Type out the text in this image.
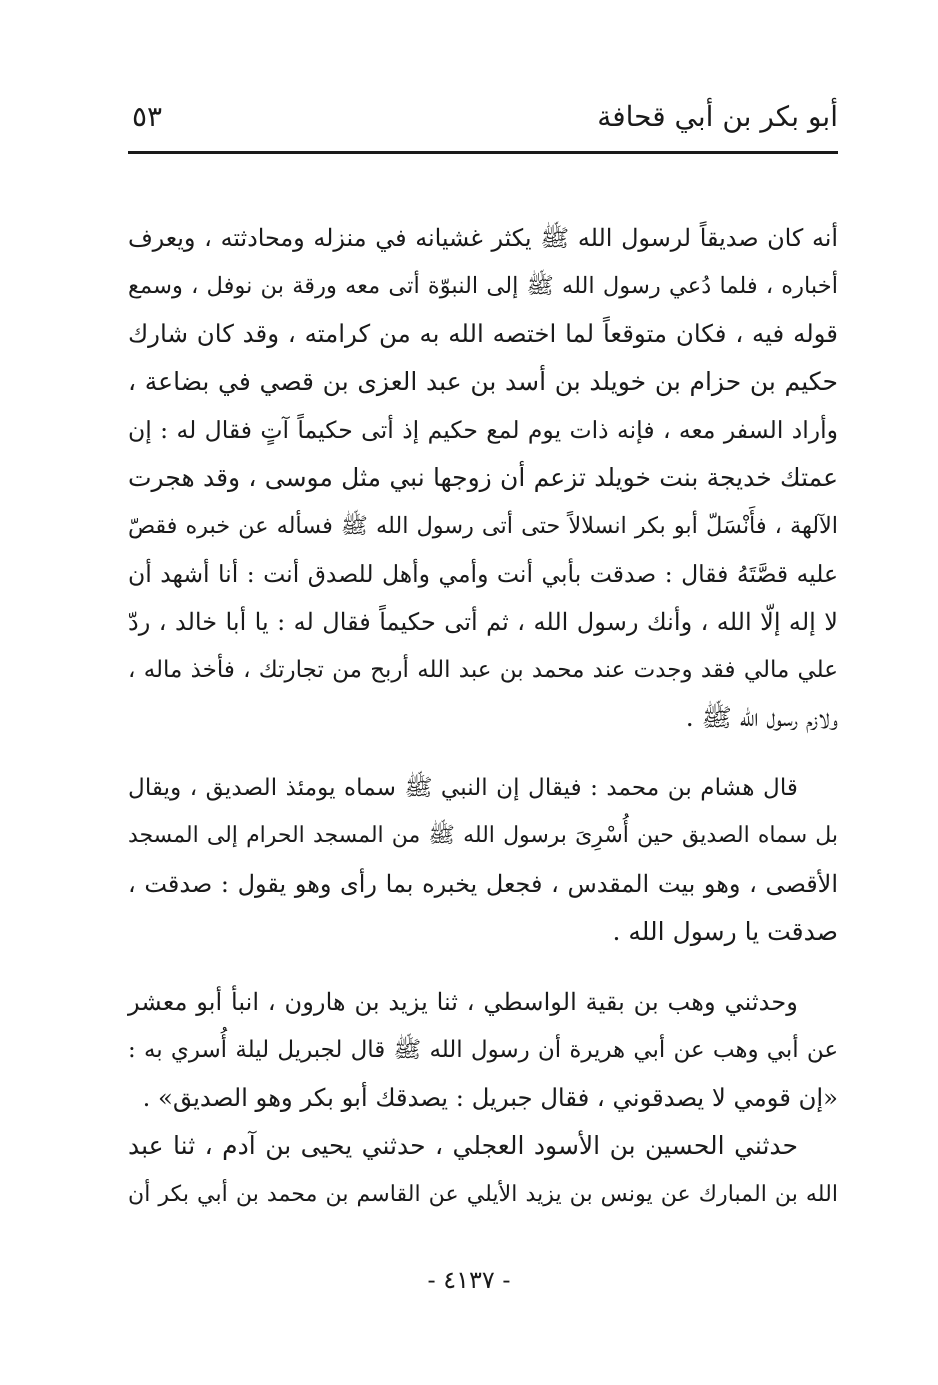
أبو بكر بن أبي قحافة
٥٣
أنه كان صديقاً لرسول الله ﷺ يكثر غشيانه في منزله ومحادثته ، ويعرف
أخباره ، فلما دُعي رسول الله ﷺ إلى النبوّة أتى معه ورقة بن نوفل ، وسمع
قوله فيه ، فكان متوقعاً لما اختصه الله به من كرامته ، وقد كان شارك
حكيم بن حزام بن خويلد بن أسد بن عبد العزى بن قصي في بضاعة ،
وأراد السفر معه ، فإنه ذات يوم لمع حكيم إذ أتى حكيماً آتٍ فقال له : إن
عمتك خديجة بنت خويلد تزعم أن زوجها نبي مثل موسى ، وقد هجرت
الآلهة ، فأَنْسَلّ أبو بكر انسلالاً حتى أتى رسول الله ﷺ فسأله عن خبره فقصّ
عليه قصَّتَهُ فقال : صدقت بأبي أنت وأمي وأهل للصدق أنت : أنا أشهد أن
لا إله إلّا الله ، وأنك رسول الله ، ثم أتى حكيماً فقال له : يا أبا خالد ، ردّ
علي مالي فقد وجدت عند محمد بن عبد الله أربح من تجارتك ، فأخذ ماله ،
ولازم رسول الله ﷺ .
قال هشام بن محمد : فيقال إن النبي ﷺ سماه يومئذ الصديق ، ويقال
بل سماه الصديق حين أُسْرِىَ برسول الله ﷺ من المسجد الحرام إلى المسجد
الأقصى ، وهو بيت المقدس ، فجعل يخبره بما رأى وهو يقول : صدقت ،
صدقت يا رسول الله .
وحدثني وهب بن بقية الواسطي ، ثنا يزيد بن هارون ، انبأ أبو معشر
عن أبي وهب عن أبي هريرة أن رسول الله ﷺ قال لجبريل ليلة أُسري به :
«إن قومي لا يصدقوني ، فقال جبريل : يصدقك أبو بكر وهو الصديق» .
حدثني الحسين بن الأسود العجلي ، حدثني يحيى بن آدم ، ثنا عبد
الله بن المبارك عن يونس بن يزيد الأيلي عن القاسم بن محمد بن أبي بكر أن
- ٤١٣٧ -
